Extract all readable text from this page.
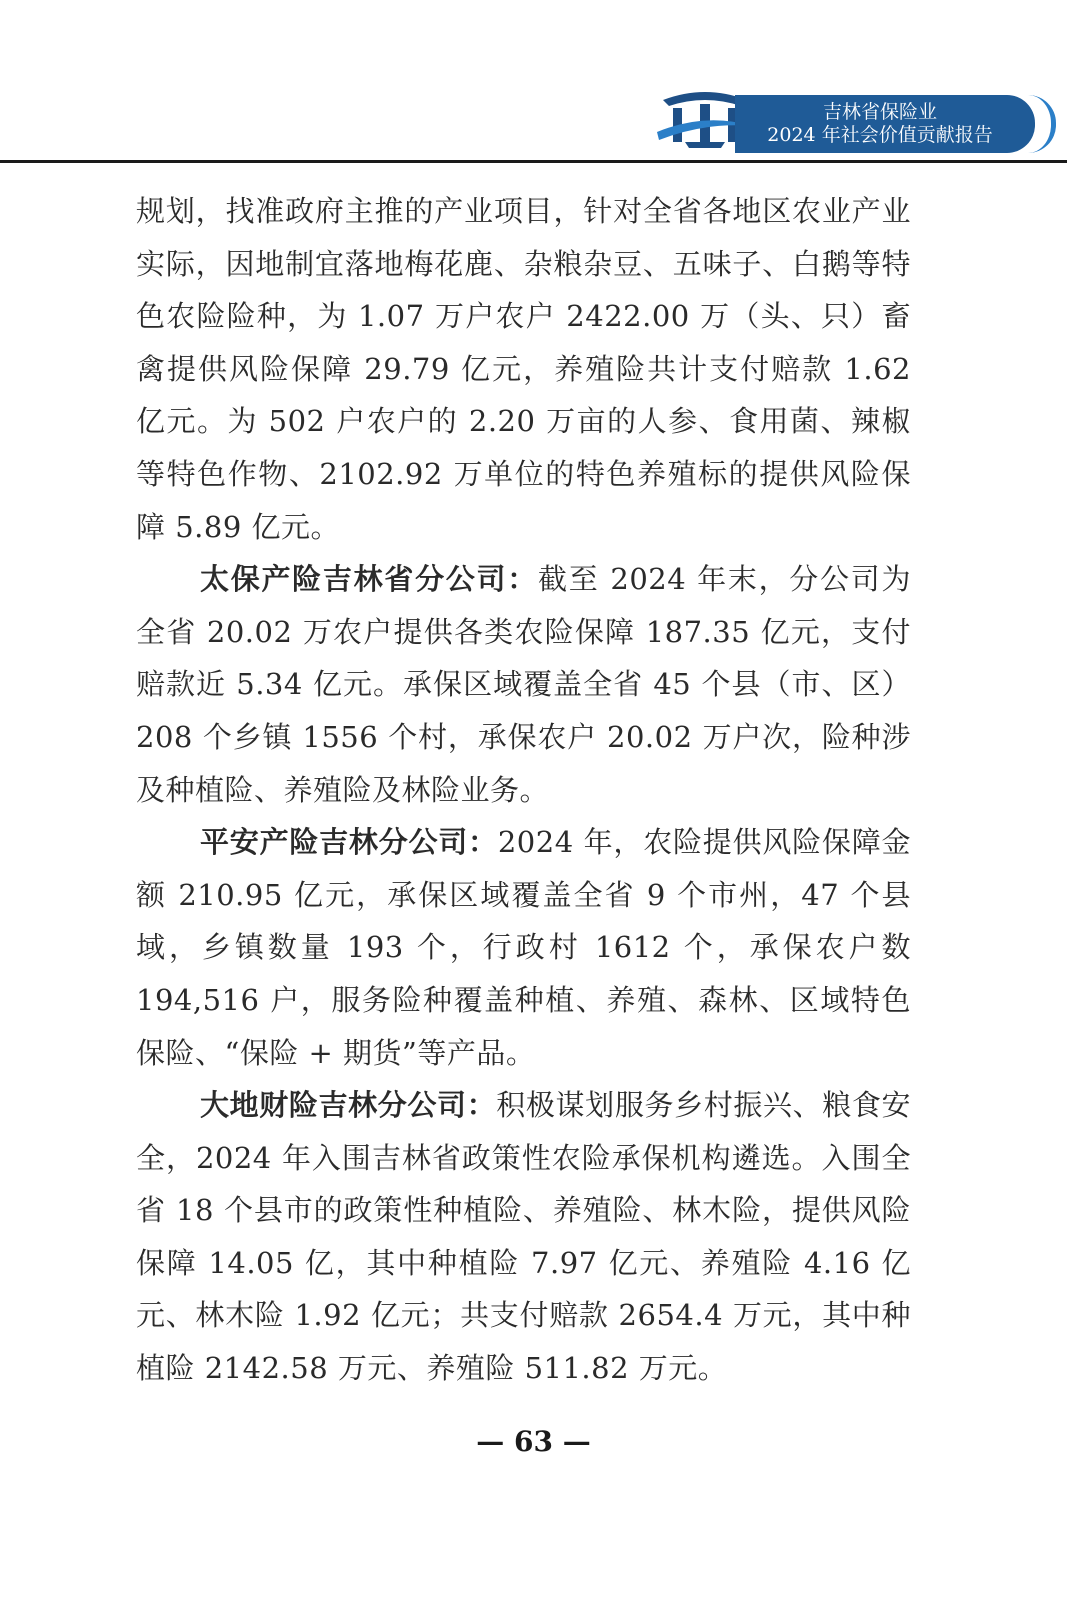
吉林省保险业
2024 年社会价值贡献报告

规划，找准政府主推的产业项目，针对全省各地区农业产业实际，因地制宜落地梅花鹿、杂粮杂豆、五味子、白鹅等特色农险险种，为 1.07 万户农户 2422.00 万（头、只）畜禽提供风险保障 29.79 亿元，养殖险共计支付赔款 1.62 亿元。为 502 户农户的 2.20 万亩的人参、食用菌、辣椒等特色作物、2102.92 万单位的特色养殖标的提供风险保障 5.89 亿元。

太保产险吉林省分公司：截至 2024 年末，分公司为全省 20.02 万农户提供各类农险保障 187.35 亿元，支付赔款近 5.34 亿元。承保区域覆盖全省 45 个县（市、区）208 个乡镇 1556 个村，承保农户 20.02 万户次，险种涉及种植险、养殖险及林险业务。

平安产险吉林分公司：2024 年，农险提供风险保障金额 210.95 亿元，承保区域覆盖全省 9 个市州，47 个县域，乡镇数量 193 个，行政村 1612 个，承保农户数 194,516 户，服务险种覆盖种植、养殖、森林、区域特色保险、“保险 + 期货”等产品。

大地财险吉林分公司：积极谋划服务乡村振兴、粮食安全，2024 年入围吉林省政策性农险承保机构遴选。入围全省 18 个县市的政策性种植险、养殖险、林木险，提供风险保障 14.05 亿，其中种植险 7.97 亿元、养殖险 4.16 亿元、林木险 1.92 亿元；共支付赔款 2654.4 万元，其中种植险 2142.58 万元、养殖险 511.82 万元。

— 63 —
